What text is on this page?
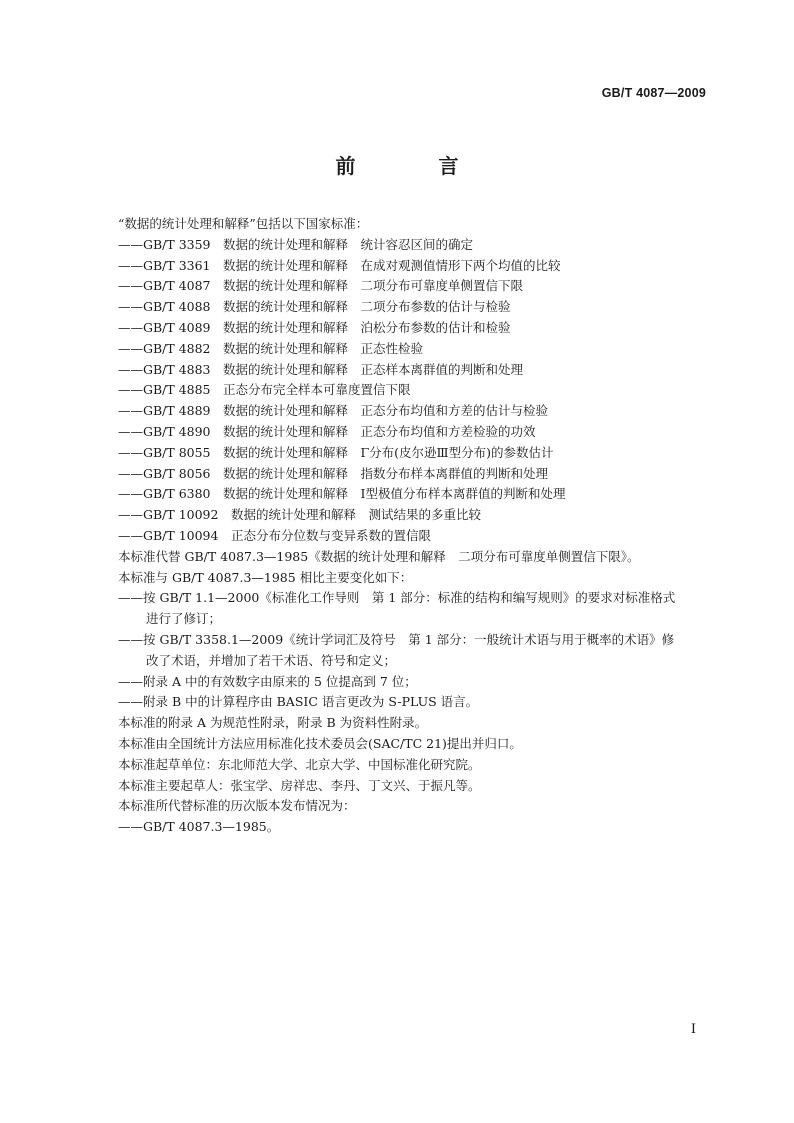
GB/T 4087—2009
前 言
“数据的统计处理和解释”包括以下国家标准：
——GB/T 3359　数据的统计处理和解释　统计容忍区间的确定
——GB/T 3361　数据的统计处理和解释　在成对观测值情形下两个均值的比较
——GB/T 4087　数据的统计处理和解释　二项分布可靠度单侧置信下限
——GB/T 4088　数据的统计处理和解释　二项分布参数的估计与检验
——GB/T 4089　数据的统计处理和解释　泊松分布参数的估计和检验
——GB/T 4882　数据的统计处理和解释　正态性检验
——GB/T 4883　数据的统计处理和解释　正态样本离群值的判断和处理
——GB/T 4885　正态分布完全样本可靠度置信下限
——GB/T 4889　数据的统计处理和解释　正态分布均值和方差的估计与检验
——GB/T 4890　数据的统计处理和解释　正态分布均值和方差检验的功效
——GB/T 8055　数据的统计处理和解释　Γ分布(皮尔逊Ⅲ型分布)的参数估计
——GB/T 8056　数据的统计处理和解释　指数分布样本离群值的判断和处理
——GB/T 6380　数据的统计处理和解释　Ⅰ型极值分布样本离群值的判断和处理
——GB/T 10092　数据的统计处理和解释　测试结果的多重比较
——GB/T 10094　正态分布分位数与变异系数的置信限
本标准代替 GB/T 4087.3—1985《数据的统计处理和解释　二项分布可靠度单侧置信下限》。
本标准与 GB/T 4087.3—1985 相比主要变化如下：
——按 GB/T 1.1—2000《标准化工作导则　第 1 部分：标准的结构和编写规则》的要求对标准格式
进行了修订；
——按 GB/T 3358.1—2009《统计学词汇及符号　第 1 部分：一般统计术语与用于概率的术语》修
改了术语，并增加了若干术语、符号和定义；
——附录 A 中的有效数字由原来的 5 位提高到 7 位；
——附录 B 中的计算程序由 BASIC 语言更改为 S-PLUS 语言。
本标准的附录 A 为规范性附录，附录 B 为资料性附录。
本标准由全国统计方法应用标准化技术委员会(SAC/TC 21)提出并归口。
本标准起草单位：东北师范大学、北京大学、中国标准化研究院。
本标准主要起草人：张宝学、房祥忠、李丹、丁文兴、于振凡等。
本标准所代替标准的历次版本发布情况为：
——GB/T 4087.3—1985。
I
